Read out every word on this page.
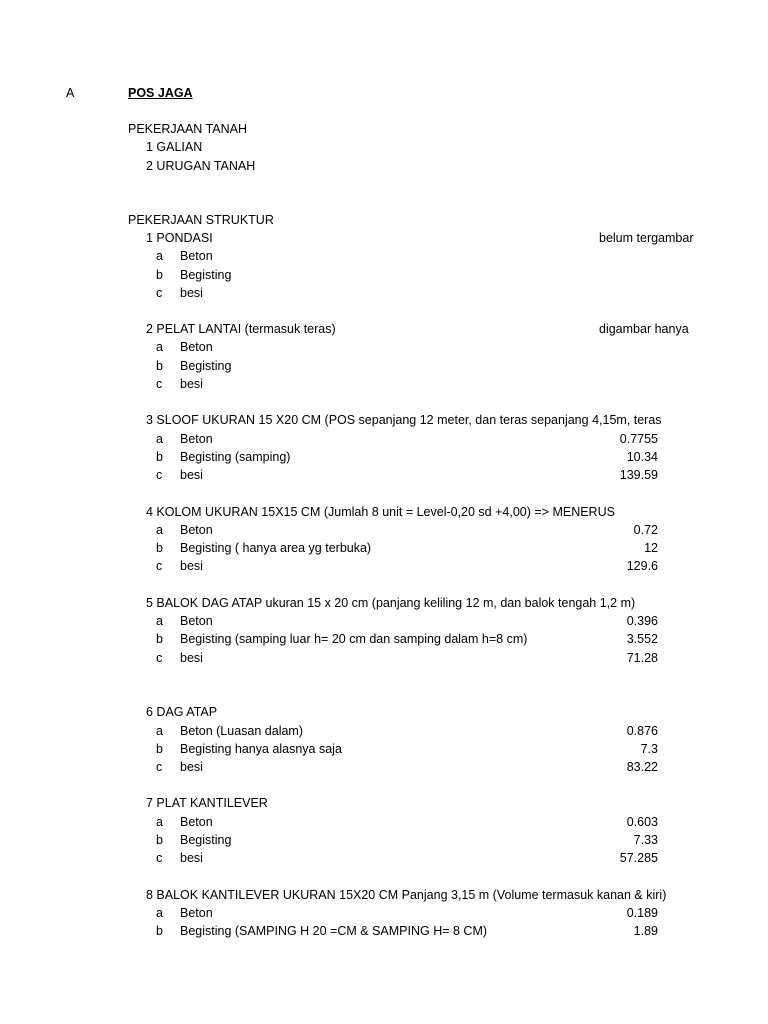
A	POS JAGA
PEKERJAAN TANAH
1 GALIAN
2 URUGAN TANAH
PEKERJAAN STRUKTUR
1 PONDASI	belum tergambar
a Beton
b Begisting
c besi
2 PELAT LANTAI (termasuk teras)	digambar hanya
a Beton
b Begisting
c besi
3 SLOOF UKURAN 15 X20 CM (POS sepanjang 12 meter, dan teras sepanjang 4,15m, teras
a Beton	0.7755
b Begisting (samping)	10.34
c besi	139.59
4 KOLOM UKURAN 15X15 CM (Jumlah 8 unit = Level-0,20 sd +4,00) => MENERUS
a Beton	0.72
b Begisting ( hanya area yg terbuka)	12
c besi	129.6
5 BALOK DAG ATAP ukuran 15 x 20 cm (panjang keliling 12 m, dan balok tengah 1,2 m)
a Beton	0.396
b Begisting (samping luar h= 20 cm dan samping dalam h=8 cm)	3.552
c besi	71.28
6 DAG ATAP
a Beton (Luasan dalam)	0.876
b Begisting hanya alasnya saja	7.3
c besi	83.22
7 PLAT KANTILEVER
a Beton	0.603
b Begisting	7.33
c besi	57.285
8 BALOK KANTILEVER UKURAN 15X20 CM Panjang 3,15 m (Volume termasuk kanan & kiri)
a Beton	0.189
b Begisting (SAMPING H 20 =CM & SAMPING H= 8 CM)	1.89
